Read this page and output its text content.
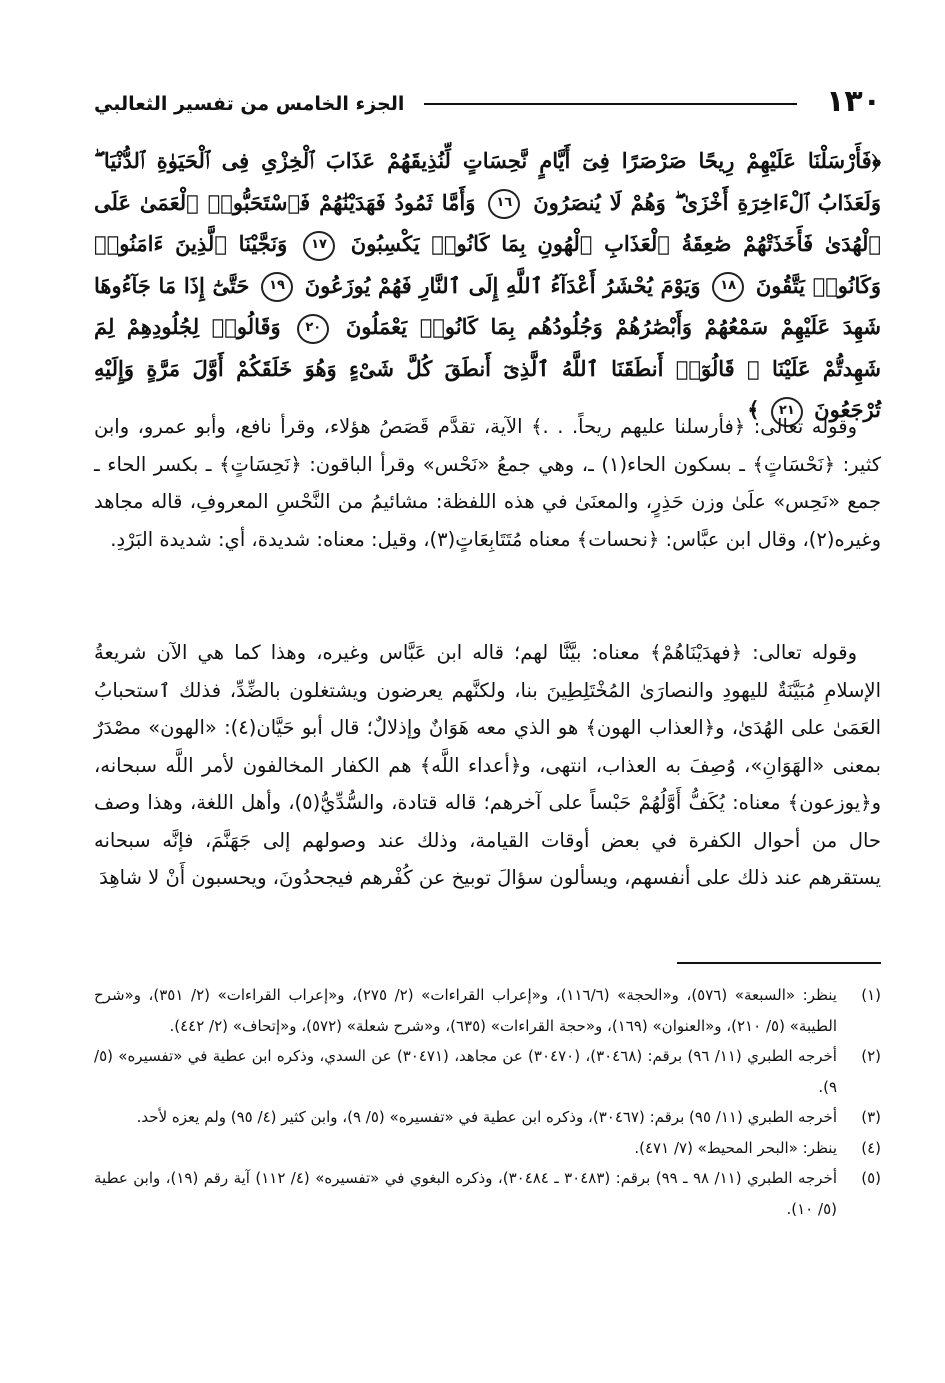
١٣٠
الجزء الخامس من تفسير الثعالبي
﴿فَأَرْسَلْنَا عَلَيْهِمْ رِيحًا صَرْصَرًا فِىٓ أَيَّامٍ نَّحِسَاتٍ لِّنُذِيقَهُمْ عَذَابَ ٱلْخِزْىِ فِى ٱلْحَيَوٰةِ ٱلدُّنْيَا ۖ وَلَعَذَابُ ٱلْءَاخِرَةِ أَخْزَىٰ ۖ وَهُمْ لَا يُنصَرُونَ ١٦ وَأَمَّا ثَمُودُ فَهَدَيْنَٰهُمْ فَٱسْتَحَبُّوا۟ ٱلْعَمَىٰ عَلَى ٱلْهُدَىٰ فَأَخَذَتْهُمْ صَٰعِقَةُ ٱلْعَذَابِ ٱلْهُونِ بِمَا كَانُوا۟ يَكْسِبُونَ ١٧ وَنَجَّيْنَا ٱلَّذِينَ ءَامَنُوا۟ وَكَانُوا۟ يَتَّقُونَ ١٨ وَيَوْمَ يُحْشَرُ أَعْدَآءُ ٱللَّهِ إِلَى ٱلنَّارِ فَهُمْ يُوزَعُونَ ١٩ حَتَّىٰٓ إِذَا مَا جَآءُوهَا شَهِدَ عَلَيْهِمْ سَمْعُهُمْ وَأَبْصَٰرُهُمْ وَجُلُودُهُم بِمَا كَانُوا۟ يَعْمَلُونَ ٢٠ وَقَالُوا۟ لِجُلُودِهِمْ لِمَ شَهِدتُّمْ عَلَيْنَا ۖ قَالُوٓا۟ أَنطَقَنَا ٱللَّهُ ٱلَّذِىٓ أَنطَقَ كُلَّ شَىْءٍ وَهُوَ خَلَقَكُمْ أَوَّلَ مَرَّةٍ وَإِلَيْهِ تُرْجَعُونَ ٢١ ﴾

وقوله تعالى: ﴿فأرسلنا عليهم ريحاً. . .﴾ الآية، تقدَّم قَصَصُ هؤلاء، وقرأ نافع، وأبو عمرو، وابن كثير: ﴿نَحْسَاتٍ﴾ ـ بسكون الحاء(١) ـ، وهي جمعُ «نَحْس» وقرأ الباقون: ﴿نَحِسَاتٍ﴾ ـ بكسر الحاء ـ جمع «نَحِس» علَىٰ وزن حَذِرٍ، والمعنَىٰ في هذه اللفظة: مشائيمُ من النَّحْسِ المعروفِ، قاله مجاهد وغيره(٢)، وقال ابن عبَّاس: ﴿نحسات﴾ معناه مُتَتَابِعَاتٍ(٣)، وقيل: معناه: شديدة، أي: شديدة البَرْدِ.

وقوله تعالى: ﴿فهدَيْنَاهُمْ﴾ معناه: بيَّنَّا لهم؛ قاله ابن عَبَّاس وغيره، وهذا كما هي الآن شريعةُ الإسلامِ مُبَيَّنَةٌ لليهودِ والنصارَىٰ المُخْتَلِطِينَ بنا، ولكنَّهم يعرضون ويشتغلون بالضِّدِّ، فذلك ٱستحبابُ العَمَىٰ على الهُدَىٰ، و﴿العذاب الهون﴾ هو الذي معه هَوَانٌ وإذلالٌ؛ قال أبو حَيَّان(٤): «الهون» مصْدَرٌ بمعنى «الهَوَانِ»، وُصِفَ به العذاب، انتهى، و﴿أعداء اللَّه﴾ هم الكفار المخالفون لأمر اللَّه سبحانه، و﴿يوزعون﴾ معناه: يُكَفُّ أَوَّلُهُمْ حَبْساً على آخرهم؛ قاله قتادة، والسُّدِّيُّ(٥)، وأهل اللغة، وهذا وصف حال من أحوال الكفرة في بعض أوقات القيامة، وذلك عند وصولهم إلى جَهَنَّمَ، فإنَّه سبحانه يستقرهم عند ذلك على أنفسهم، ويسألون سؤالَ توبيخ عن كُفْرهم فيجحدُونَ، ويحسبون أَنْ لا شاهِدَ

(١)
ينظر: «السبعة» (٥٧٦)، و«الحجة» (١١٦/٦)، و«إعراب القراءات» (٢/ ٢٧٥)، و«إعراب القراءات» (٢/ ٣٥١)، و«شرح الطيبة» (٥/ ٢١٠)، و«العنوان» (١٦٩)، و«حجة القراءات» (٦٣٥)، و«شرح شعلة» (٥٧٢)، و«إتحاف» (٢/ ٤٤٢).
(٢)
أخرجه الطبري (١١/ ٩٦) برقم: (٣٠٤٦٨)، (٣٠٤٧٠) عن مجاهد، (٣٠٤٧١) عن السدي، وذكره ابن عطية في «تفسيره» (٥/ ٩).
(٣)
أخرجه الطبري (١١/ ٩٥) برقم: (٣٠٤٦٧)، وذكره ابن عطية في «تفسيره» (٥/ ٩)، وابن كثير (٤/ ٩٥) ولم يعزه لأحد.
(٤)
ينظر: «البحر المحيط» (٧/ ٤٧١).
(٥)
أخرجه الطبري (١١/ ٩٨ ـ ٩٩) برقم: (٣٠٤٨٣ ـ ٣٠٤٨٤)، وذكره البغوي في «تفسيره» (٤/ ١١٢) آية رقم (١٩)، وابن عطية (٥/ ١٠).
